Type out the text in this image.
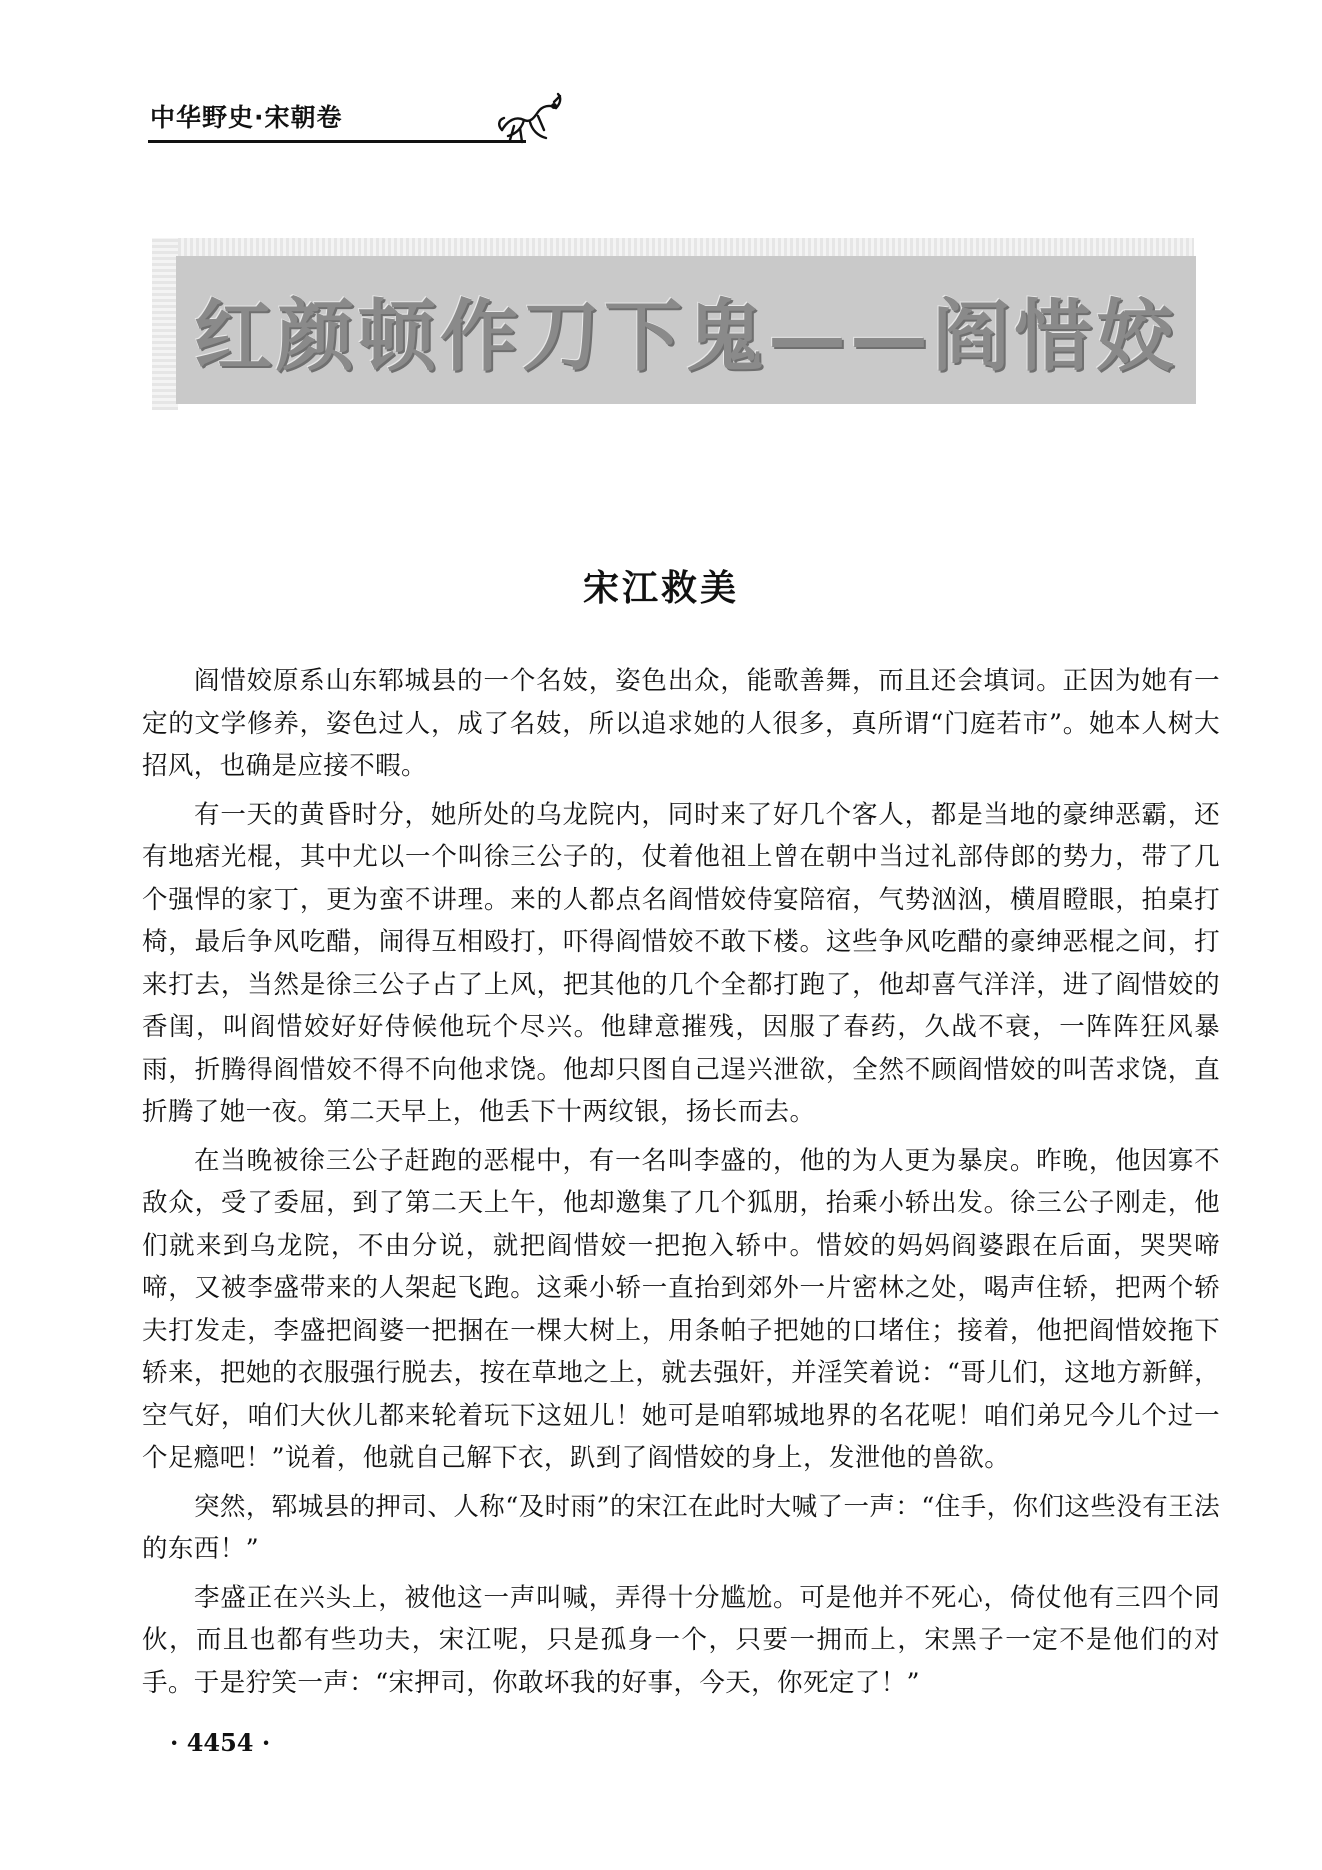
中华野史·宋朝卷
红颜顿作刀下鬼——阎惜姣
宋江救美

阎惜姣原系山东郓城县的一个名妓，姿色出众，能歌善舞，而且还会填词。正因为她有一定的文学修养，姿色过人，成了名妓，所以追求她的人很多，真所谓“门庭若市”。她本人树大招风，也确是应接不暇。

有一天的黄昏时分，她所处的乌龙院内，同时来了好几个客人，都是当地的豪绅恶霸，还有地痞光棍，其中尤以一个叫徐三公子的，仗着他祖上曾在朝中当过礼部侍郎的势力，带了几个强悍的家丁，更为蛮不讲理。来的人都点名阎惜姣侍宴陪宿，气势汹汹，横眉瞪眼，拍桌打椅，最后争风吃醋，闹得互相殴打，吓得阎惜姣不敢下楼。这些争风吃醋的豪绅恶棍之间，打来打去，当然是徐三公子占了上风，把其他的几个全都打跑了，他却喜气洋洋，进了阎惜姣的香闺，叫阎惜姣好好侍候他玩个尽兴。他肆意摧残，因服了春药，久战不衰，一阵阵狂风暴雨，折腾得阎惜姣不得不向他求饶。他却只图自己逞兴泄欲，全然不顾阎惜姣的叫苦求饶，直折腾了她一夜。第二天早上，他丢下十两纹银，扬长而去。

在当晚被徐三公子赶跑的恶棍中，有一名叫李盛的，他的为人更为暴戾。昨晚，他因寡不敌众，受了委屈，到了第二天上午，他却邀集了几个狐朋，抬乘小轿出发。徐三公子刚走，他们就来到乌龙院，不由分说，就把阎惜姣一把抱入轿中。惜姣的妈妈阎婆跟在后面，哭哭啼啼，又被李盛带来的人架起飞跑。这乘小轿一直抬到郊外一片密林之处，喝声住轿，把两个轿夫打发走，李盛把阎婆一把捆在一棵大树上，用条帕子把她的口堵住；接着，他把阎惜姣拖下轿来，把她的衣服强行脱去，按在草地之上，就去强奸，并淫笑着说：“哥儿们，这地方新鲜，空气好，咱们大伙儿都来轮着玩下这妞儿！她可是咱郓城地界的名花呢！咱们弟兄今儿个过一个足瘾吧！”说着，他就自己解下衣，趴到了阎惜姣的身上，发泄他的兽欲。

突然，郓城县的押司、人称“及时雨”的宋江在此时大喊了一声：“住手，你们这些没有王法的东西！”

李盛正在兴头上，被他这一声叫喊，弄得十分尴尬。可是他并不死心，倚仗他有三四个同伙，而且也都有些功夫，宋江呢，只是孤身一个，只要一拥而上，宋黑子一定不是他们的对手。于是狞笑一声：“宋押司，你敢坏我的好事，今天，你死定了！”

· 4454 ·
